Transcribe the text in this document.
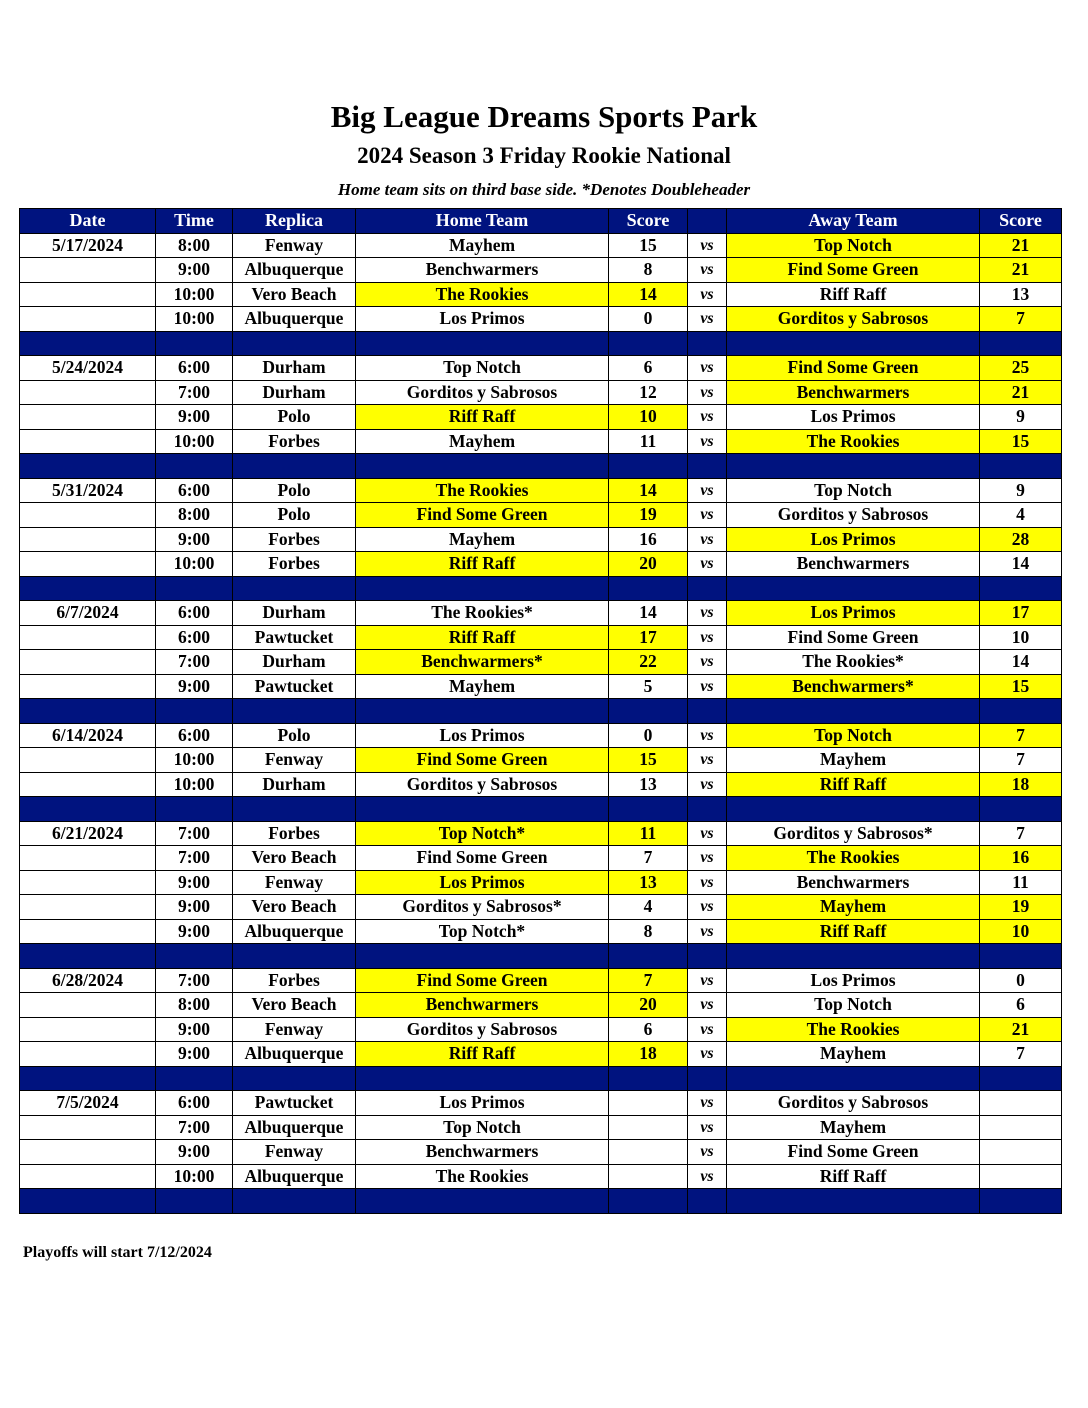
Big League Dreams Sports Park
2024 Season 3 Friday Rookie National
Home team sits on third base side. *Denotes Doubleheader
Date	Time	Replica	Home Team	Score		Away Team	Score
5/17/2024	8:00	Fenway	Mayhem	15	vs	Top Notch	21
	9:00	Albuquerque	Benchwarmers	8	vs	Find Some Green	21
	10:00	Vero Beach	The Rookies	14	vs	Riff Raff	13
	10:00	Albuquerque	Los Primos	0	vs	Gorditos y Sabrosos	7

5/24/2024	6:00	Durham	Top Notch	6	vs	Find Some Green	25
	7:00	Durham	Gorditos y Sabrosos	12	vs	Benchwarmers	21
	9:00	Polo	Riff Raff	10	vs	Los Primos	9
	10:00	Forbes	Mayhem	11	vs	The Rookies	15

5/31/2024	6:00	Polo	The Rookies	14	vs	Top Notch	9
	8:00	Polo	Find Some Green	19	vs	Gorditos y Sabrosos	4
	9:00	Forbes	Mayhem	16	vs	Los Primos	28
	10:00	Forbes	Riff Raff	20	vs	Benchwarmers	14

6/7/2024	6:00	Durham	The Rookies*	14	vs	Los Primos	17
	6:00	Pawtucket	Riff Raff	17	vs	Find Some Green	10
	7:00	Durham	Benchwarmers*	22	vs	The Rookies*	14
	9:00	Pawtucket	Mayhem	5	vs	Benchwarmers*	15

6/14/2024	6:00	Polo	Los Primos	0	vs	Top Notch	7
	10:00	Fenway	Find Some Green	15	vs	Mayhem	7
	10:00	Durham	Gorditos y Sabrosos	13	vs	Riff Raff	18

6/21/2024	7:00	Forbes	Top Notch*	11	vs	Gorditos y Sabrosos*	7
	7:00	Vero Beach	Find Some Green	7	vs	The Rookies	16
	9:00	Fenway	Los Primos	13	vs	Benchwarmers	11
	9:00	Vero Beach	Gorditos y Sabrosos*	4	vs	Mayhem	19
	9:00	Albuquerque	Top Notch*	8	vs	Riff Raff	10

6/28/2024	7:00	Forbes	Find Some Green	7	vs	Los Primos	0
	8:00	Vero Beach	Benchwarmers	20	vs	Top Notch	6
	9:00	Fenway	Gorditos y Sabrosos	6	vs	The Rookies	21
	9:00	Albuquerque	Riff Raff	18	vs	Mayhem	7

7/5/2024	6:00	Pawtucket	Los Primos		vs	Gorditos y Sabrosos	
	7:00	Albuquerque	Top Notch		vs	Mayhem	
	9:00	Fenway	Benchwarmers		vs	Find Some Green	
	10:00	Albuquerque	The Rookies		vs	Riff Raff	

Playoffs will start 7/12/2024
